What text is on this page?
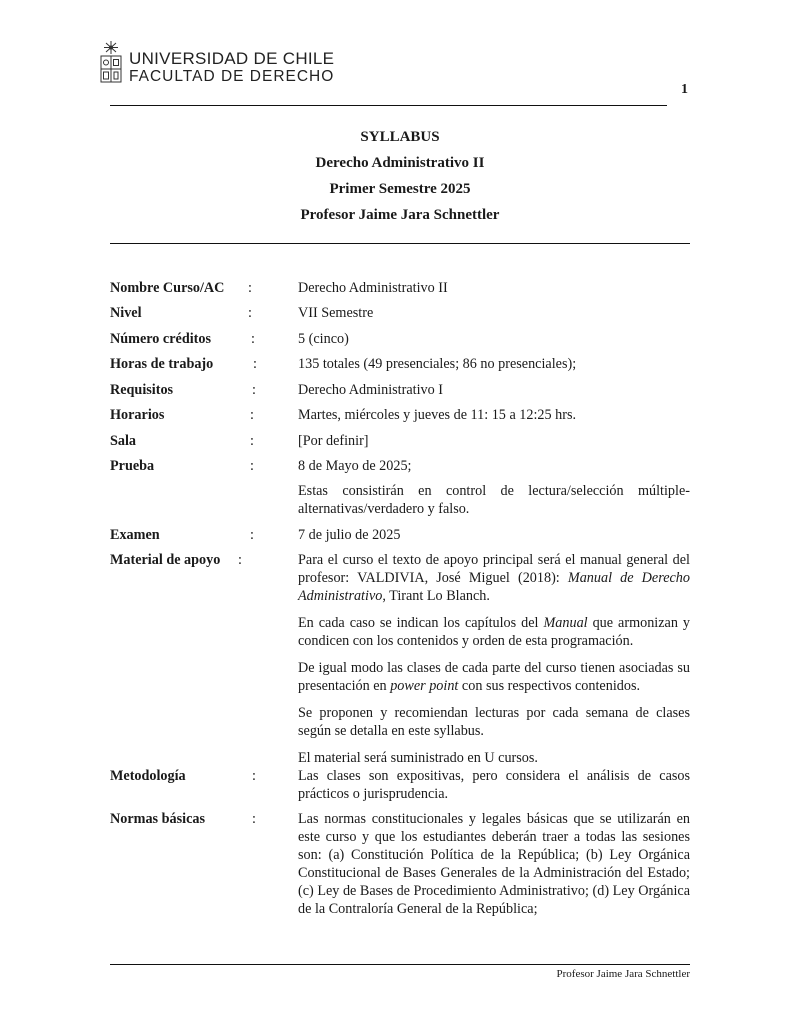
UNIVERSIDAD DE CHILE
FACULTAD DE DERECHO
1
SYLLABUS
Derecho Administrativo II
Primer Semestre 2025
Profesor Jaime Jara Schnettler
Nombre Curso/AC :	Derecho Administrativo II
Nivel	:	VII Semestre
Número créditos	:	5 (cinco)
Horas de trabajo	:	135 totales (49 presenciales; 86 no presenciales);
Requisitos	:	Derecho Administrativo I
Horarios	:	Martes, miércoles y jueves de 11: 15 a 12:25 hrs.
Sala	:	[Por definir]
Prueba	:	8 de Mayo de 2025;
Estas consistirán en control de lectura/selección múltiple-alternativas/verdadero y falso.
Examen	:	7 de julio de 2025
Material de apoyo :	Para el curso el texto de apoyo principal será el manual general del profesor: VALDIVIA, José Miguel (2018): Manual de Derecho Administrativo, Tirant Lo Blanch.

En cada caso se indican los capítulos del Manual que armonizan y condicen con los contenidos y orden de esta programación.

De igual modo las clases de cada parte del curso tienen asociadas su presentación en power point con sus respectivos contenidos.

Se proponen y recomiendan lecturas por cada semana de clases según se detalla en este syllabus.

El material será suministrado en U cursos.

Metodología	:	Las clases son expositivas, pero considera el análisis de casos prácticos o jurisprudencia.
Normas básicas	:	Las normas constitucionales y legales básicas que se utilizarán en este curso y que los estudiantes deberán traer a todas las sesiones son: (a) Constitución Política de la República; (b) Ley Orgánica Constitucional de Bases Generales de la Administración del Estado; (c) Ley de Bases de Procedimiento Administrativo; (d) Ley Orgánica de la Contraloría General de la República;
Profesor Jaime Jara Schnettler
